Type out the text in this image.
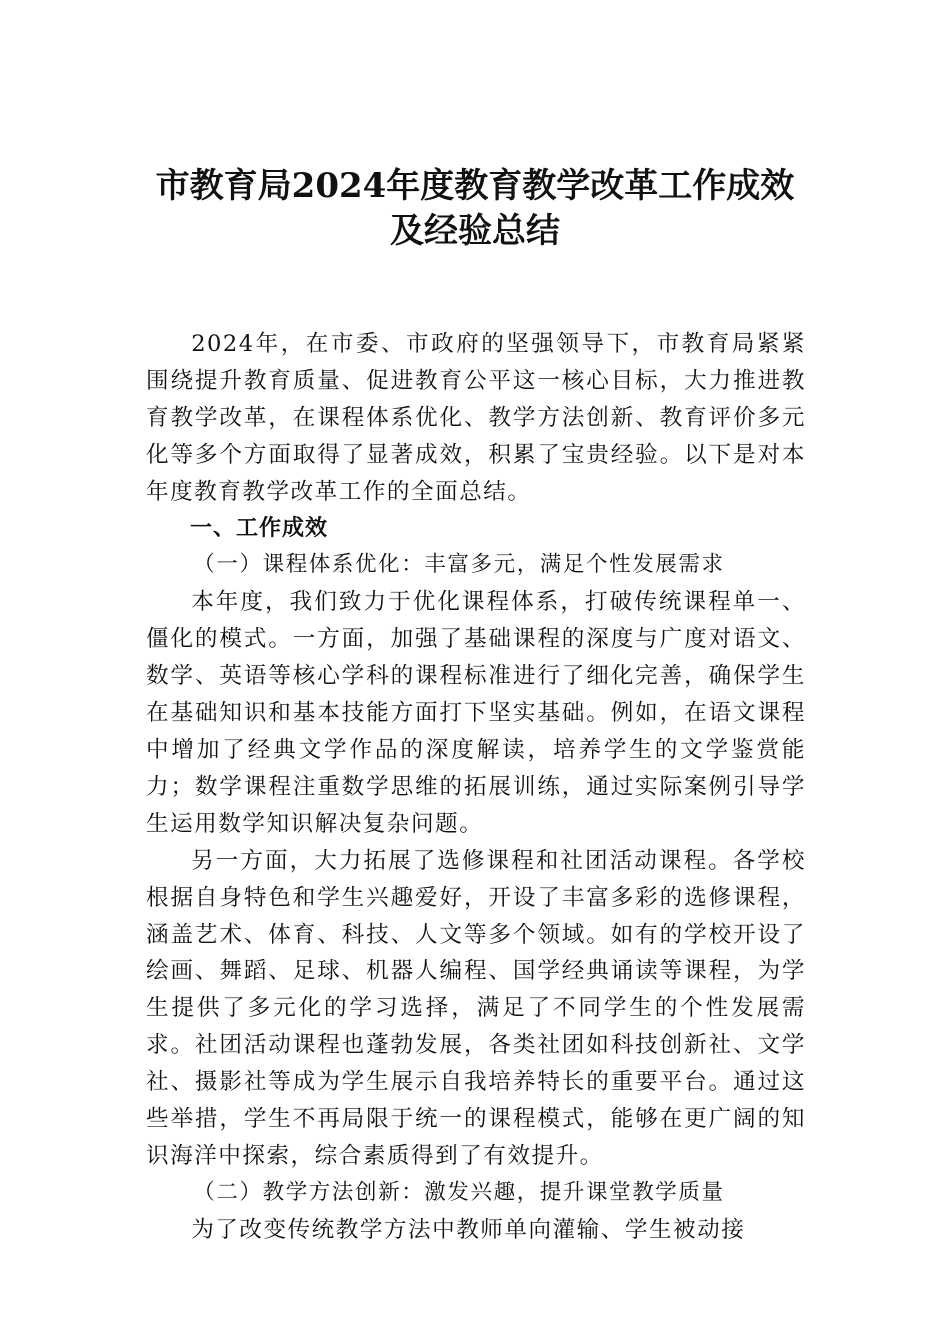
市教育局2024年度教育教学改革工作成效
及经验总结

2024年，在市委、市政府的坚强领导下，市教育局紧紧围绕提升教育质量、促进教育公平这一核心目标，大力推进教育教学改革，在课程体系优化、教学方法创新、教育评价多元化等多个方面取得了显著成效，积累了宝贵经验。以下是对本年度教育教学改革工作的全面总结。

一、工作成效
（一）课程体系优化：丰富多元，满足个性发展需求

本年度，我们致力于优化课程体系，打破传统课程单一、僵化的模式。一方面，加强了基础课程的深度与广度对语文、数学、英语等核心学科的课程标准进行了细化完善，确保学生在基础知识和基本技能方面打下坚实基础。例如，在语文课程中增加了经典文学作品的深度解读，培养学生的文学鉴赏能力；数学课程注重数学思维的拓展训练，通过实际案例引导学生运用数学知识解决复杂问题。

另一方面，大力拓展了选修课程和社团活动课程。各学校根据自身特色和学生兴趣爱好，开设了丰富多彩的选修课程，涵盖艺术、体育、科技、人文等多个领域。如有的学校开设了绘画、舞蹈、足球、机器人编程、国学经典诵读等课程，为学生提供了多元化的学习选择，满足了不同学生的个性发展需求。社团活动课程也蓬勃发展，各类社团如科技创新社、文学社、摄影社等成为学生展示自我培养特长的重要平台。通过这些举措，学生不再局限于统一的课程模式，能够在更广阔的知识海洋中探索，综合素质得到了有效提升。

（二）教学方法创新：激发兴趣，提升课堂教学质量

为了改变传统教学方法中教师单向灌输、学生被动接
